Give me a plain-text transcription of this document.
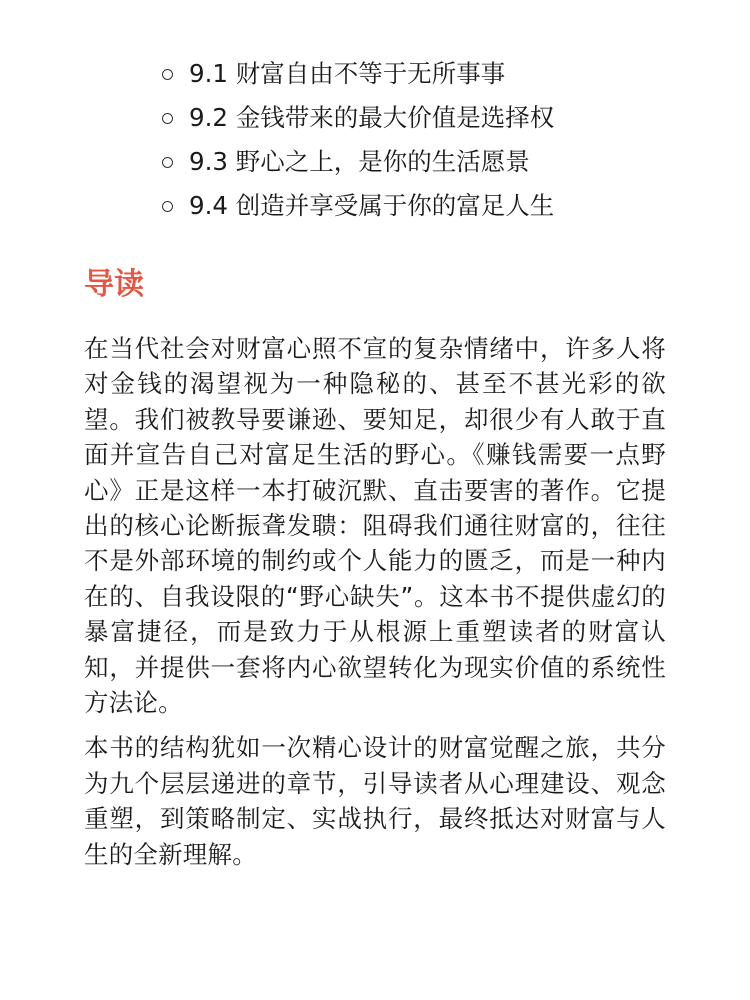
9.1 财富自由不等于无所事事
9.2 金钱带来的最大价值是选择权
9.3 野心之上，是你的生活愿景
9.4 创造并享受属于你的富足人生
导读

在当代社会对财富心照不宣的复杂情绪中，许多人将对金钱的渴望视为一种隐秘的、甚至不甚光彩的欲望。我们被教导要谦逊、要知足，却很少有人敢于直面并宣告自己对富足生活的野心。《赚钱需要一点野心》正是这样一本打破沉默、直击要害的著作。它提出的核心论断振聋发聩：阻碍我们通往财富的，往往不是外部环境的制约或个人能力的匮乏，而是一种内在的、自我设限的“野心缺失”。这本书不提供虚幻的暴富捷径，而是致力于从根源上重塑读者的财富认知，并提供一套将内心欲望转化为现实价值的系统性方法论。

本书的结构犹如一次精心设计的财富觉醒之旅，共分为九个层层递进的章节，引导读者从心理建设、观念重塑，到策略制定、实战执行，最终抵达对财富与人生的全新理解。
